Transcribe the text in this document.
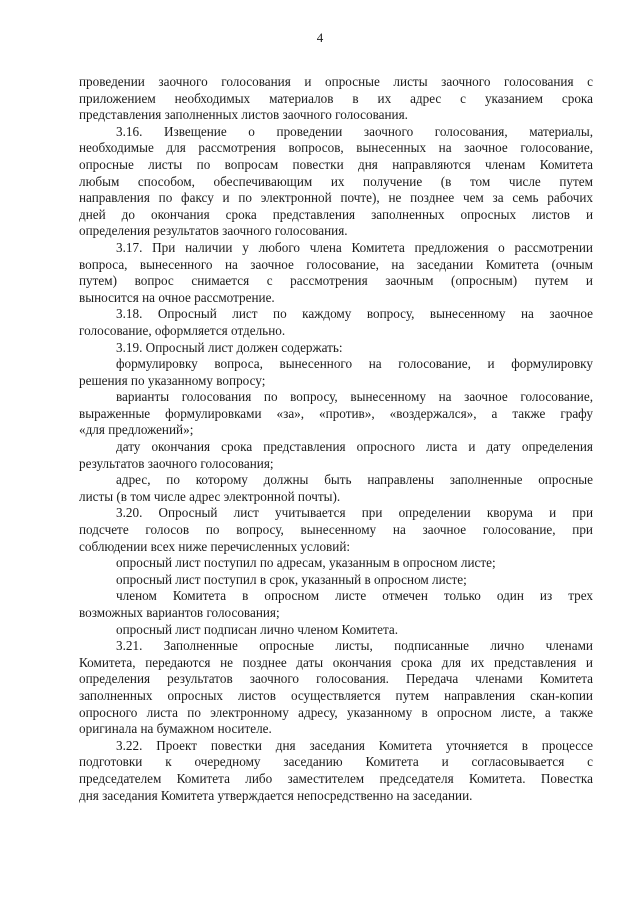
4
проведении заочного голосования и опросные листы заочного голосования с
приложением необходимых материалов в их адрес с указанием срока
представления заполненных листов заочного голосования.
3.16. Извещение о проведении заочного голосования, материалы,
необходимые для рассмотрения вопросов, вынесенных на заочное голосование,
опросные листы по вопросам повестки дня направляются членам Комитета
любым способом, обеспечивающим их получение (в том числе путем
направления по факсу и по электронной почте), не позднее чем за семь рабочих
дней до окончания срока представления заполненных опросных листов и
определения результатов заочного голосования.
3.17. При наличии у любого члена Комитета предложения о рассмотрении
вопроса, вынесенного на заочное голосование, на заседании Комитета (очным
путем) вопрос снимается с рассмотрения заочным (опросным) путем и
выносится на очное рассмотрение.
3.18. Опросный лист по каждому вопросу, вынесенному на заочное
голосование, оформляется отдельно.
3.19. Опросный лист должен содержать:
формулировку вопроса, вынесенного на голосование, и формулировку
решения по указанному вопросу;
варианты голосования по вопросу, вынесенному на заочное голосование,
выраженные формулировками «за», «против», «воздержался», а также графу
«для предложений»;
дату окончания срока представления опросного листа и дату определения
результатов заочного голосования;
адрес, по которому должны быть направлены заполненные опросные
листы (в том числе адрес электронной почты).
3.20. Опросный лист учитывается при определении кворума и при
подсчете голосов по вопросу, вынесенному на заочное голосование, при
соблюдении всех ниже перечисленных условий:
опросный лист поступил по адресам, указанным в опросном листе;
опросный лист поступил в срок, указанный в опросном листе;
членом Комитета в опросном листе отмечен только один из трех
возможных вариантов голосования;
опросный лист подписан лично членом Комитета.
3.21. Заполненные опросные листы, подписанные лично членами
Комитета, передаются не позднее даты окончания срока для их представления и
определения результатов заочного голосования. Передача членами Комитета
заполненных опросных листов осуществляется путем направления скан-копии
опросного листа по электронному адресу, указанному в опросном листе, а также
оригинала на бумажном носителе.
3.22. Проект повестки дня заседания Комитета уточняется в процессе
подготовки к очередному заседанию Комитета и согласовывается с
председателем Комитета либо заместителем председателя Комитета. Повестка
дня заседания Комитета утверждается непосредственно на заседании.
